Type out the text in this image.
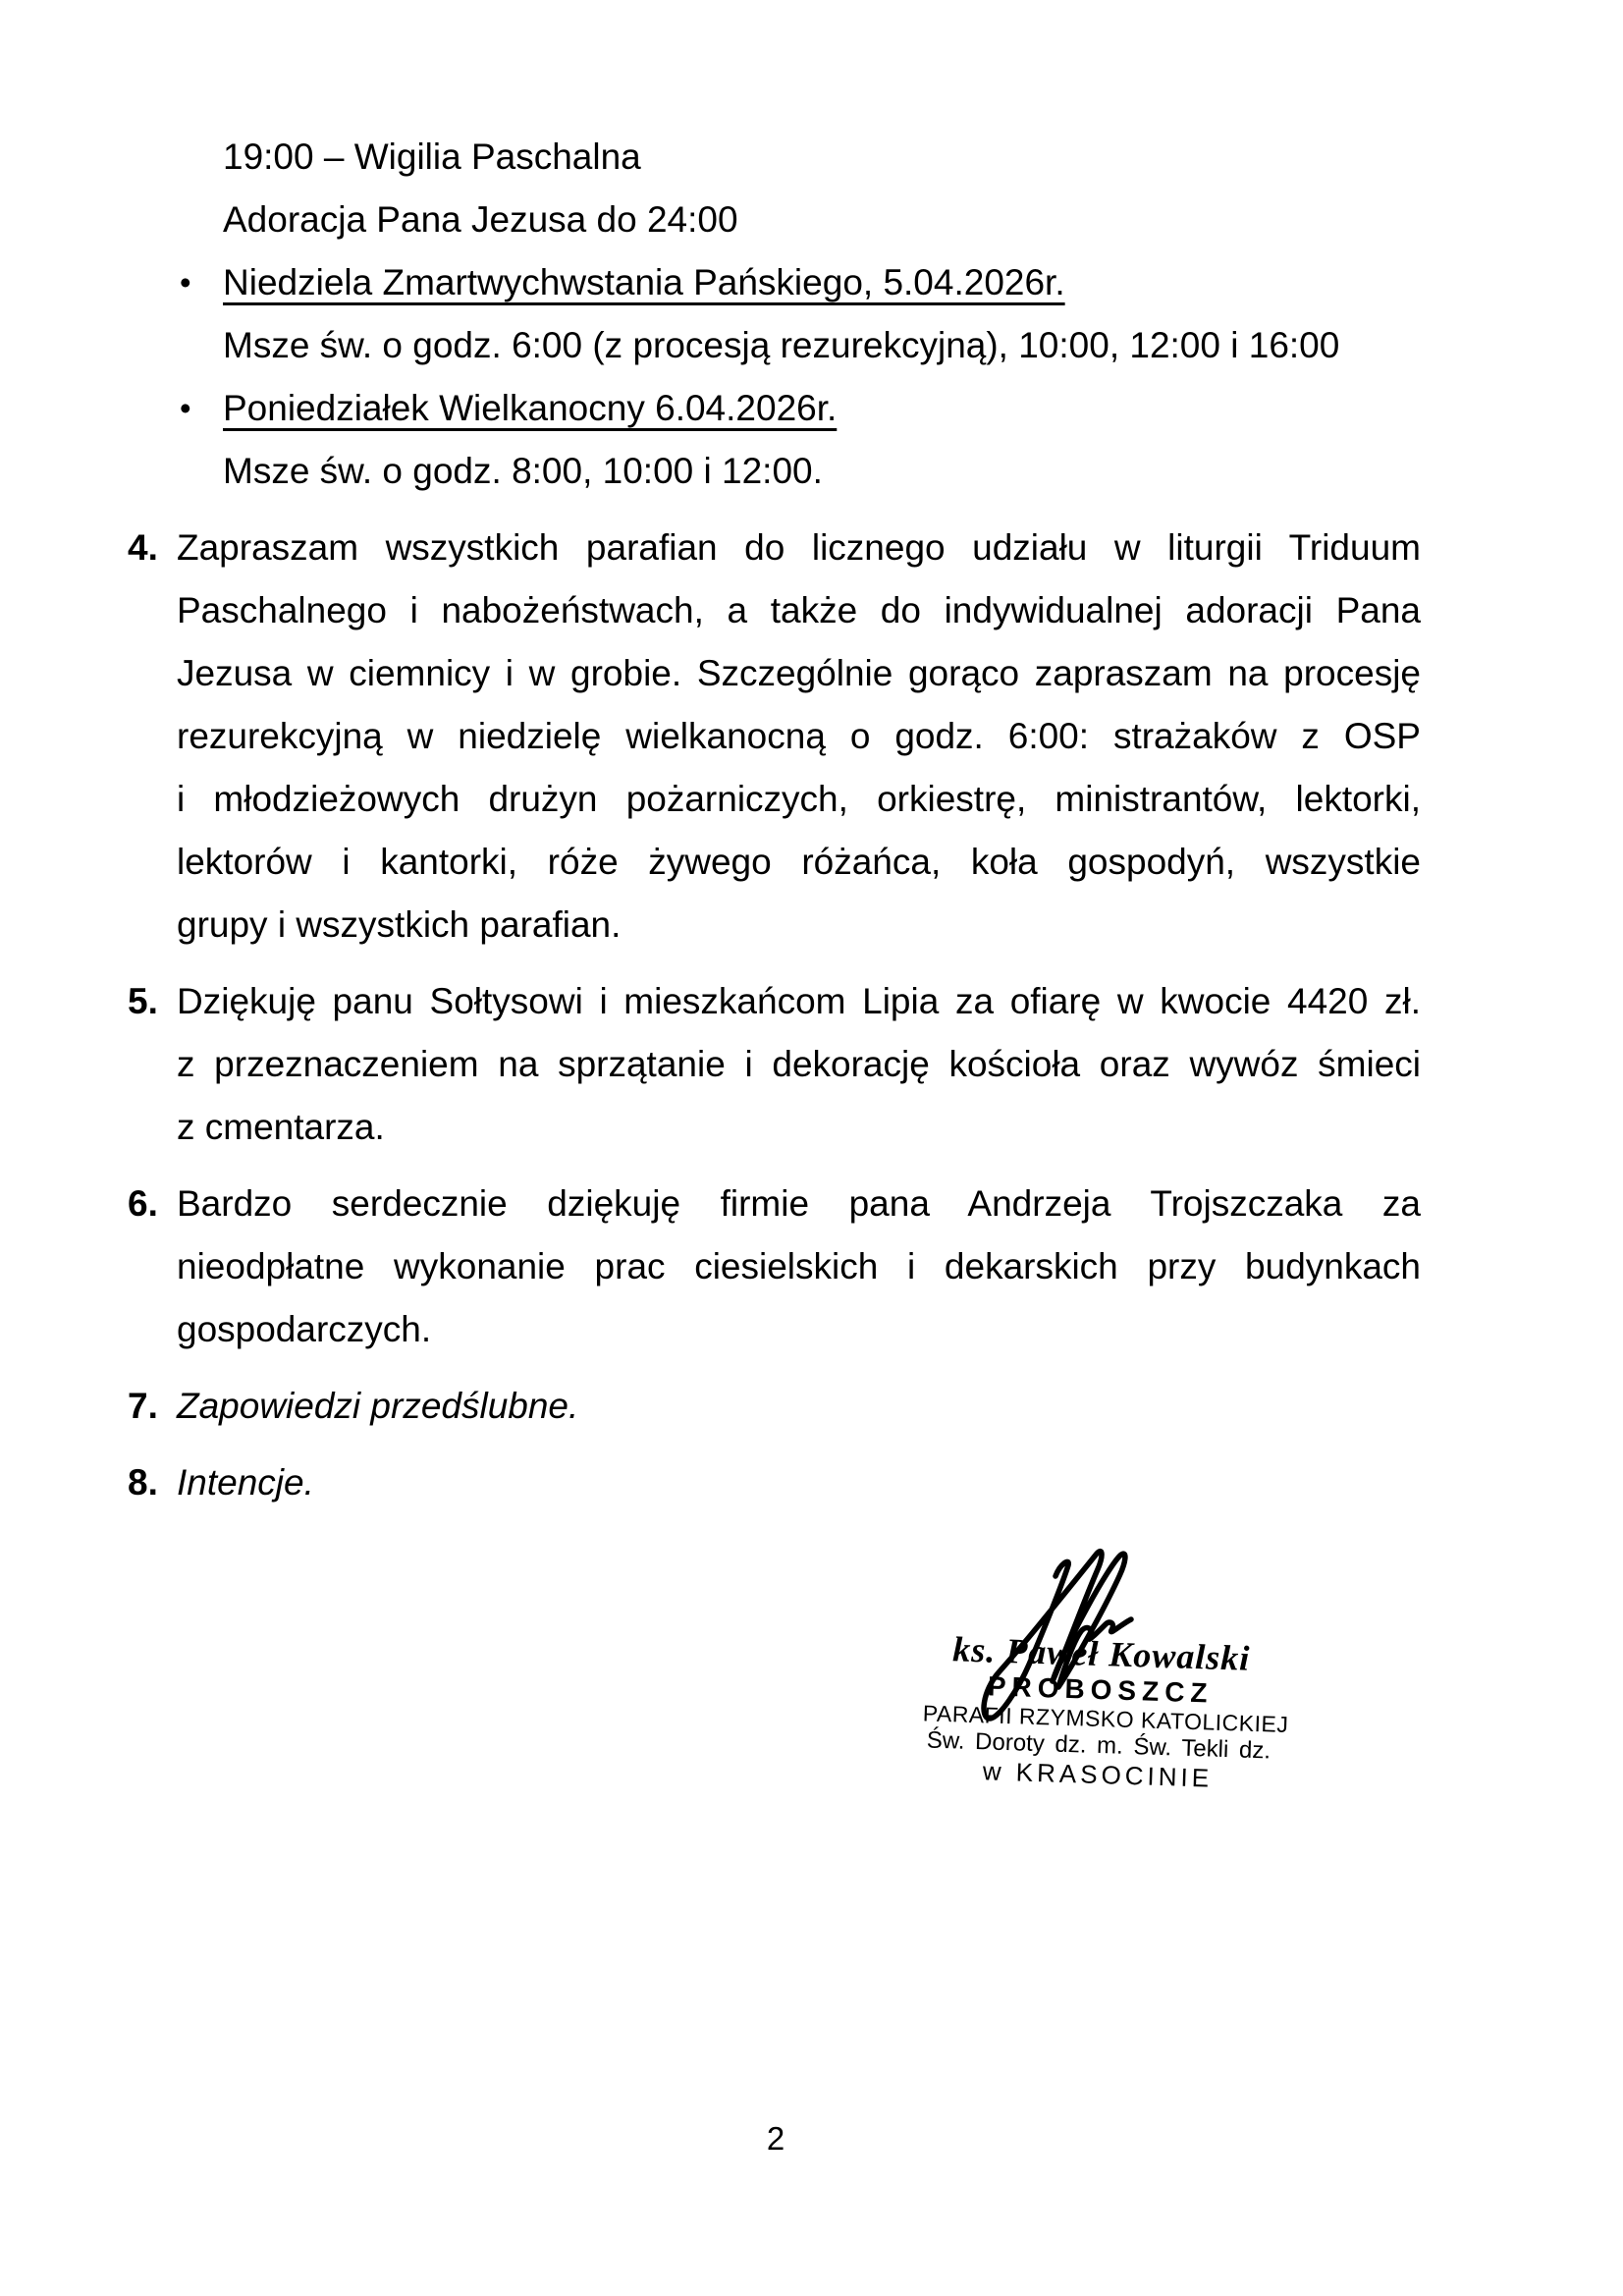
19:00 – Wigilia Paschalna
Adoracja Pana Jezusa do 24:00
• Niedziela Zmartwychwstania Pańskiego, 5.04.2026r.
Msze św. o godz. 6:00 (z procesją rezurekcyjną), 10:00, 12:00 i 16:00
• Poniedziałek Wielkanocny 6.04.2026r.
Msze św. o godz. 8:00, 10:00 i 12:00.
4. Zapraszam wszystkich parafian do licznego udziału w liturgii Triduum
Paschalnego i nabożeństwach, a także do indywidualnej adoracji Pana
Jezusa w ciemnicy i w grobie. Szczególnie gorąco zapraszam na procesję
rezurekcyjną w niedzielę wielkanocną o godz. 6:00: strażaków z OSP
i młodzieżowych drużyn pożarniczych, orkiestrę, ministrantów, lektorki,
lektorów i kantorki, róże żywego różańca, koła gospodyń, wszystkie
grupy i wszystkich parafian.
5. Dziękuję panu Sołtysowi i mieszkańcom Lipia za ofiarę w kwocie 4420 zł.
z przeznaczeniem na sprzątanie i dekorację kościoła oraz wywóz śmieci
z cmentarza.
6. Bardzo serdecznie dziękuję firmie pana Andrzeja Trojszczaka za
nieodpłatne wykonanie prac ciesielskich i dekarskich przy budynkach
gospodarczych.
7. Zapowiedzi przedślubne.
8. Intencje.
ks. Paweł Kowalski
PROBOSZCZ
PARAFII RZYMSKO KATOLICKIEJ
Św. Doroty dz. m. Św. Tekli dz.
w KRASOCINIE
2
